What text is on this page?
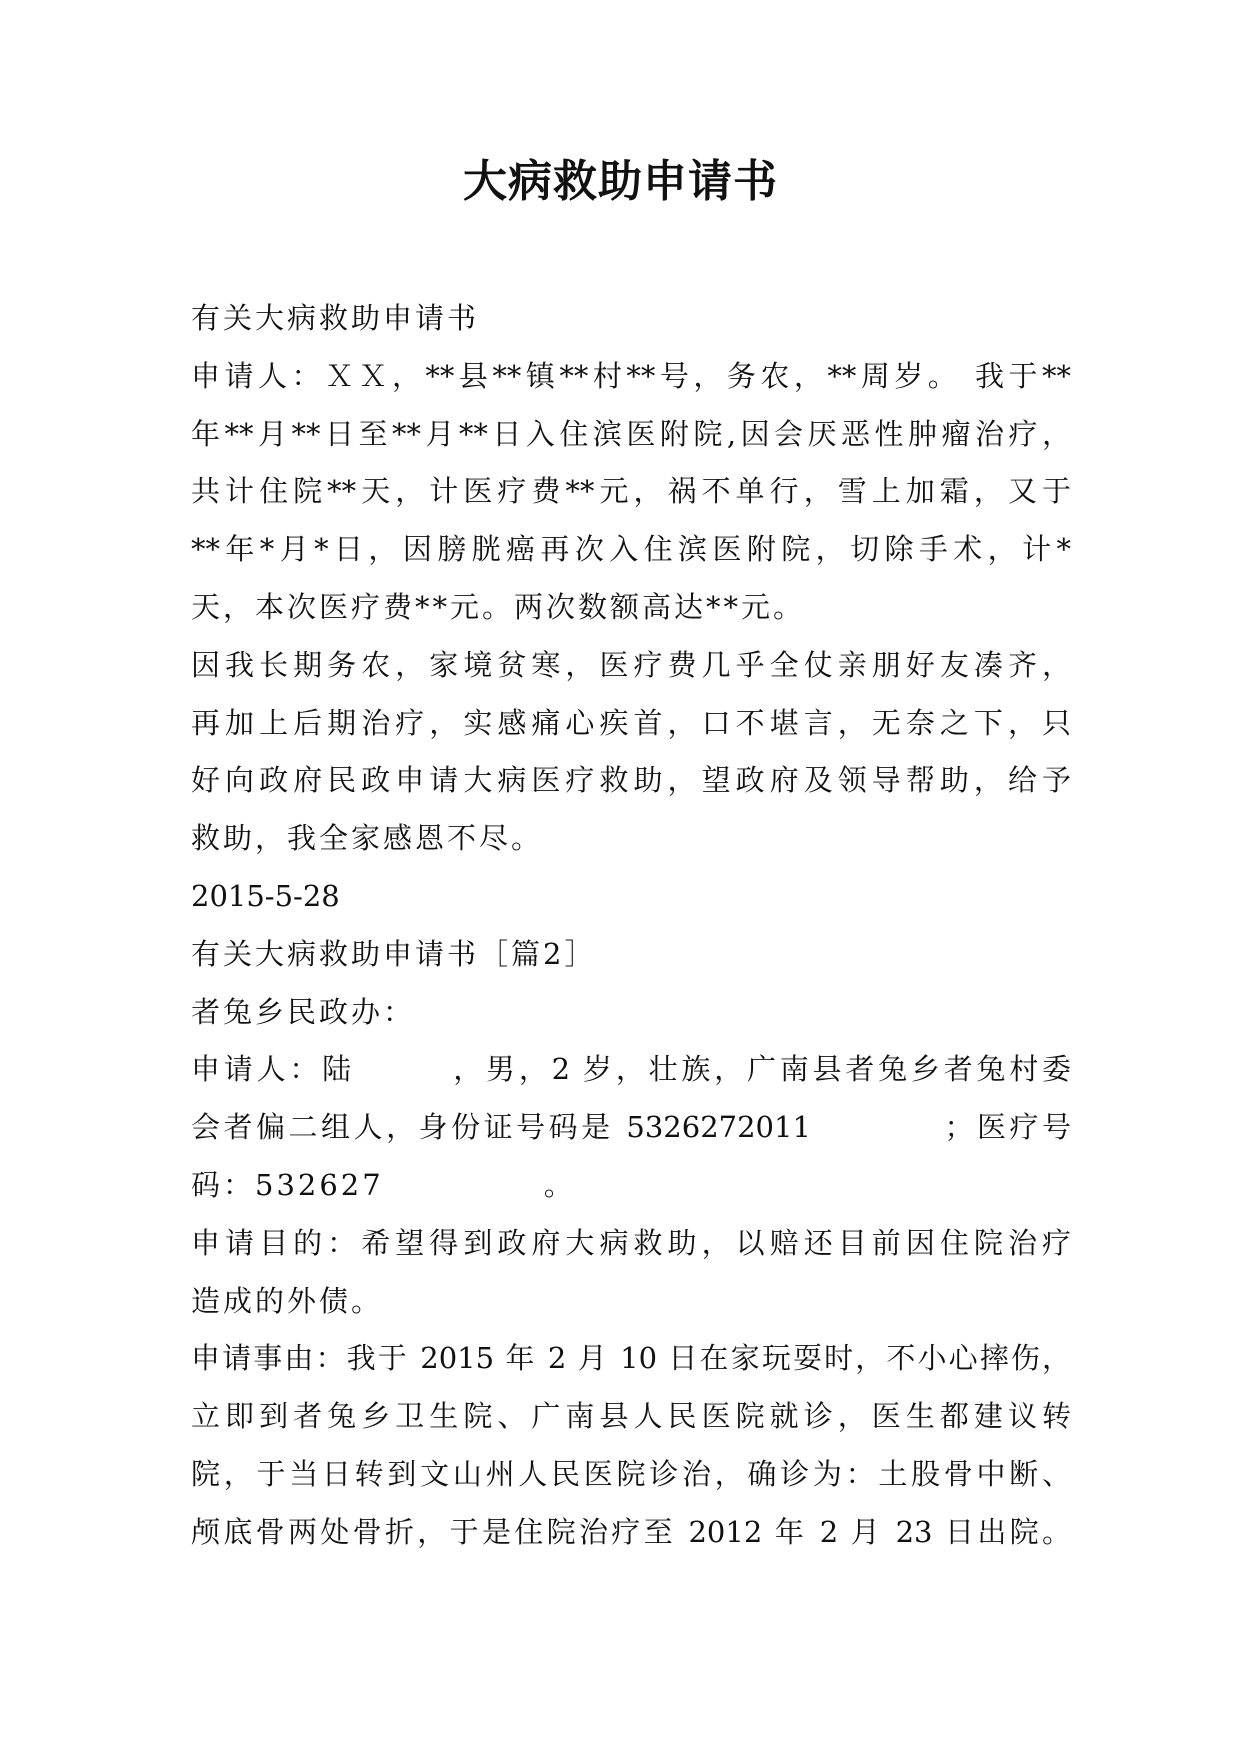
大病救助申请书
有关大病救助申请书
申请人：ＸＸ，**县**镇**村**号，务农，**周岁。 我于**
年**月**日至**月**日入住滨医附院,因会厌恶性肿瘤治疗，
共计住院**天，计医疗费**元，祸不单行，雪上加霜，又于
**年*月*日，因膀胱癌再次入住滨医附院，切除手术，计*
天，本次医疗费**元。两次数额高达**元。
因我长期务农，家境贫寒，医疗费几乎全仗亲朋好友凑齐，
再加上后期治疗，实感痛心疾首，口不堪言，无奈之下，只
好向政府民政申请大病医疗救助，望政府及领导帮助，给予
救助，我全家感恩不尽。
2015-5-28
有关大病救助申请书［篇2］
者兔乡民政办：
申请人：陆　　　，男，2 岁，壮族，广南县者兔乡者兔村委
会者偏二组人，身份证号码是 5326272011　　　　；医疗号
码：532627　　　　　。
申请目的：希望得到政府大病救助，以赔还目前因住院治疗
造成的外债。
申请事由：我于 2015 年 2 月 10 日在家玩耍时，不小心摔伤，
立即到者兔乡卫生院、广南县人民医院就诊，医生都建议转
院，于当日转到文山州人民医院诊治，确诊为：土股骨中断、
颅底骨两处骨折，于是住院治疗至 2012 年 2 月 23 日出院。
